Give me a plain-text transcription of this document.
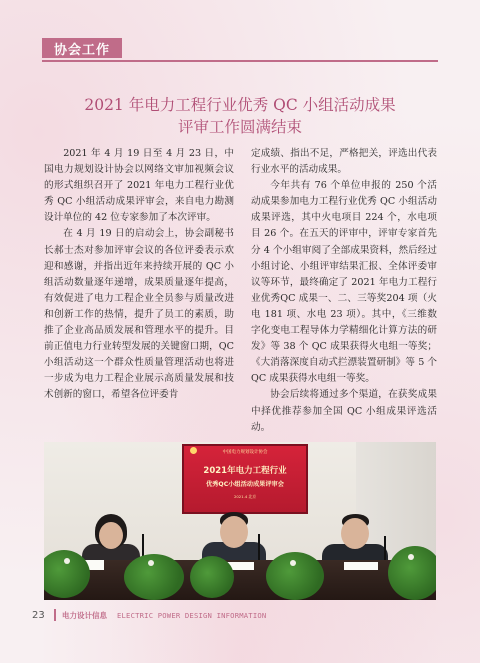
协会工作
2021 年电力工程行业优秀 QC 小组活动成果
评审工作圆满结束

2021 年 4 月 19 日至 4 月 23 日，中国电力规划设计协会以网络文审加视频会议的形式组织召开了 2021 年电力工程行业优秀 QC 小组活动成果评审会，来自电力勘测设计单位的 42 位专家参加了本次评审。

在 4 月 19 日的启动会上，协会副秘书长郝士杰对参加评审会议的各位评委表示欢迎和感谢，并指出近年来持续开展的 QC 小组活动数量逐年递增，成果质量逐年提高，有效促进了电力工程企业全员参与质量改进和创新工作的热情，提升了员工的素质，助推了企业高品质发展和管理水平的提升。目前正值电力行业转型发展的关键窗口期，QC 小组活动这一个群众性质量管理活动也将进一步成为电力工程企业展示高质量发展和技术创新的窗口，希望各位评委肯

定成绩、指出不足，严格把关，评选出代表行业水平的活动成果。

今年共有 76 个单位申报的 250 个活动成果参加电力工程行业优秀 QC 小组活动成果评选，其中火电项目 224 个，水电项目 26 个。在五天的评审中，评审专家首先分 4 个小组审阅了全部成果资料，然后经过小组讨论、小组评审结果汇报、全体评委审议等环节，最终确定了 2021 年电力工程行业优秀QC 成果一、二、三等奖204 项（火电 181 项、水电 23 项）。其中，《三维数字化变电工程导体力学精细化计算方法的研发》等 38 个 QC 成果获得火电组一等奖；《大消落深度自动式拦漂装置研制》等 5 个 QC 成果获得水电组一等奖。

协会后续将通过多个渠道，在获奖成果中择优推荐参加全国 QC 小组成果评选活动。

中国电力规划设计协会
2021年电力工程行业
优秀QC小组活动成果评审会
2021.4 北京
23	电力设计信息 ELECTRIC POWER DESIGN INFORMATION
